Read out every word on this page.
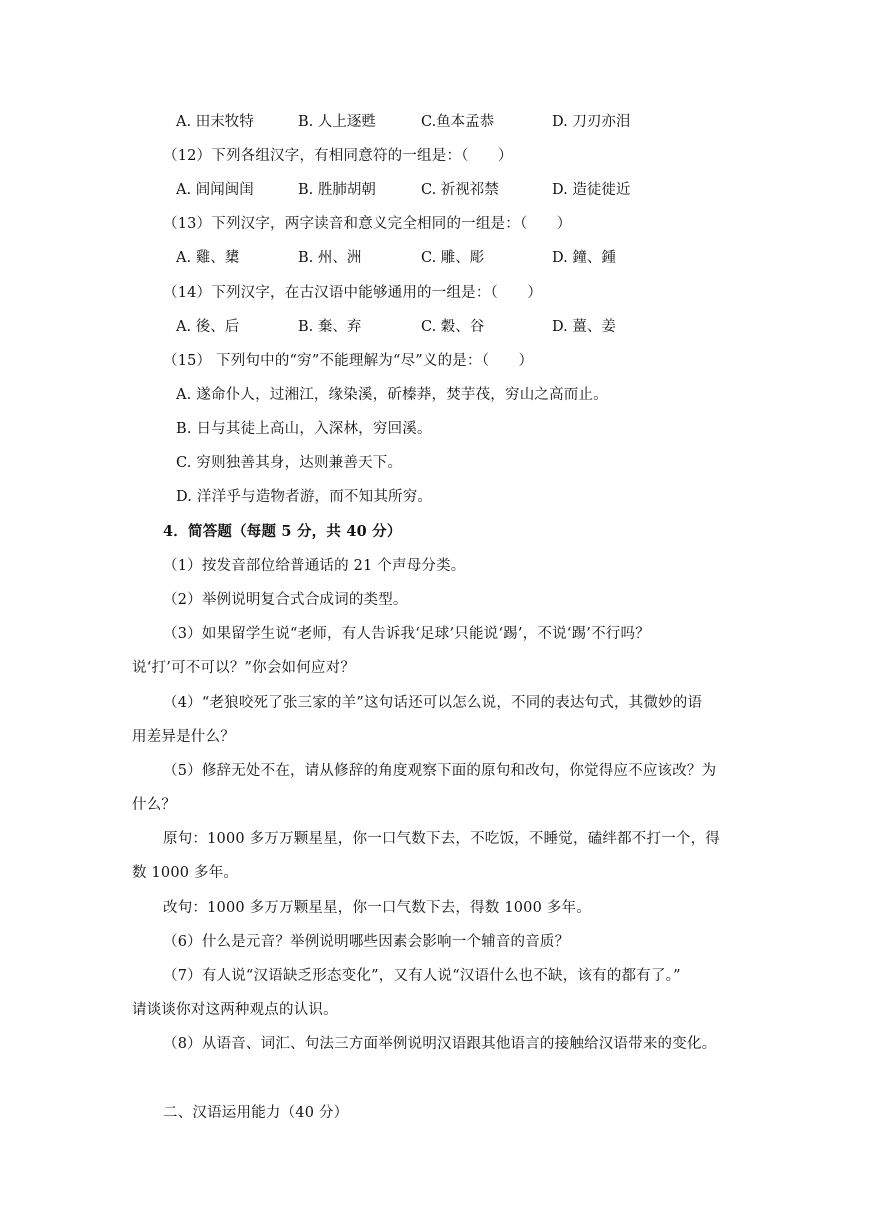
A. 田末牧特	B. 人上逐甦	C.鱼本孟恭	D. 刀刃亦泪
（12）下列各组汉字，有相同意符的一组是：（　　）
A. 闾闻闽闺	B. 胜肺胡朝	C. 祈视祁禁	D. 造徒徙近
（13）下列汉字，两字读音和意义完全相同的一组是：（　　）
A. 雞、橥	B. 州、洲	C. 雕、彫	D. 鐘、鍾
（14）下列汉字，在古汉语中能够通用的一组是：（　　）
A. 後、后	B. 棄、弃	C. 穀、谷	D. 薑、姜
（15） 下列句中的“穷”不能理解为“尽”义的是：（　　）
A. 遂命仆人，过湘江，缘染溪，斫榛莽，焚芋茷，穷山之高而止。
B. 日与其徒上高山，入深林，穷回溪。
C. 穷则独善其身，达则兼善天下。
D. 洋洋乎与造物者游，而不知其所穷。
4．简答题（每题 5 分，共 40 分）
（1）按发音部位给普通话的 21 个声母分类。
（2）举例说明复合式合成词的类型。
（3）如果留学生说“老师，有人告诉我‘足球’只能说‘踢’，不说‘踢’不行吗？
说‘打’可不可以？”你会如何应对？
（4）“老狼咬死了张三家的羊”这句话还可以怎么说，不同的表达句式，其微妙的语
用差异是什么？
（5）修辞无处不在，请从修辞的角度观察下面的原句和改句，你觉得应不应该改？为
什么？
原句：1000 多万万颗星星，你一口气数下去，不吃饭，不睡觉，磕绊都不打一个，得
数 1000 多年。
改句：1000 多万万颗星星，你一口气数下去，得数 1000 多年。
（6）什么是元音？举例说明哪些因素会影响一个辅音的音质？
（7）有人说“汉语缺乏形态变化”，又有人说“汉语什么也不缺，该有的都有了。”
请谈谈你对这两种观点的认识。
（8）从语音、词汇、句法三方面举例说明汉语跟其他语言的接触给汉语带来的变化。
二、汉语运用能力（40 分）
